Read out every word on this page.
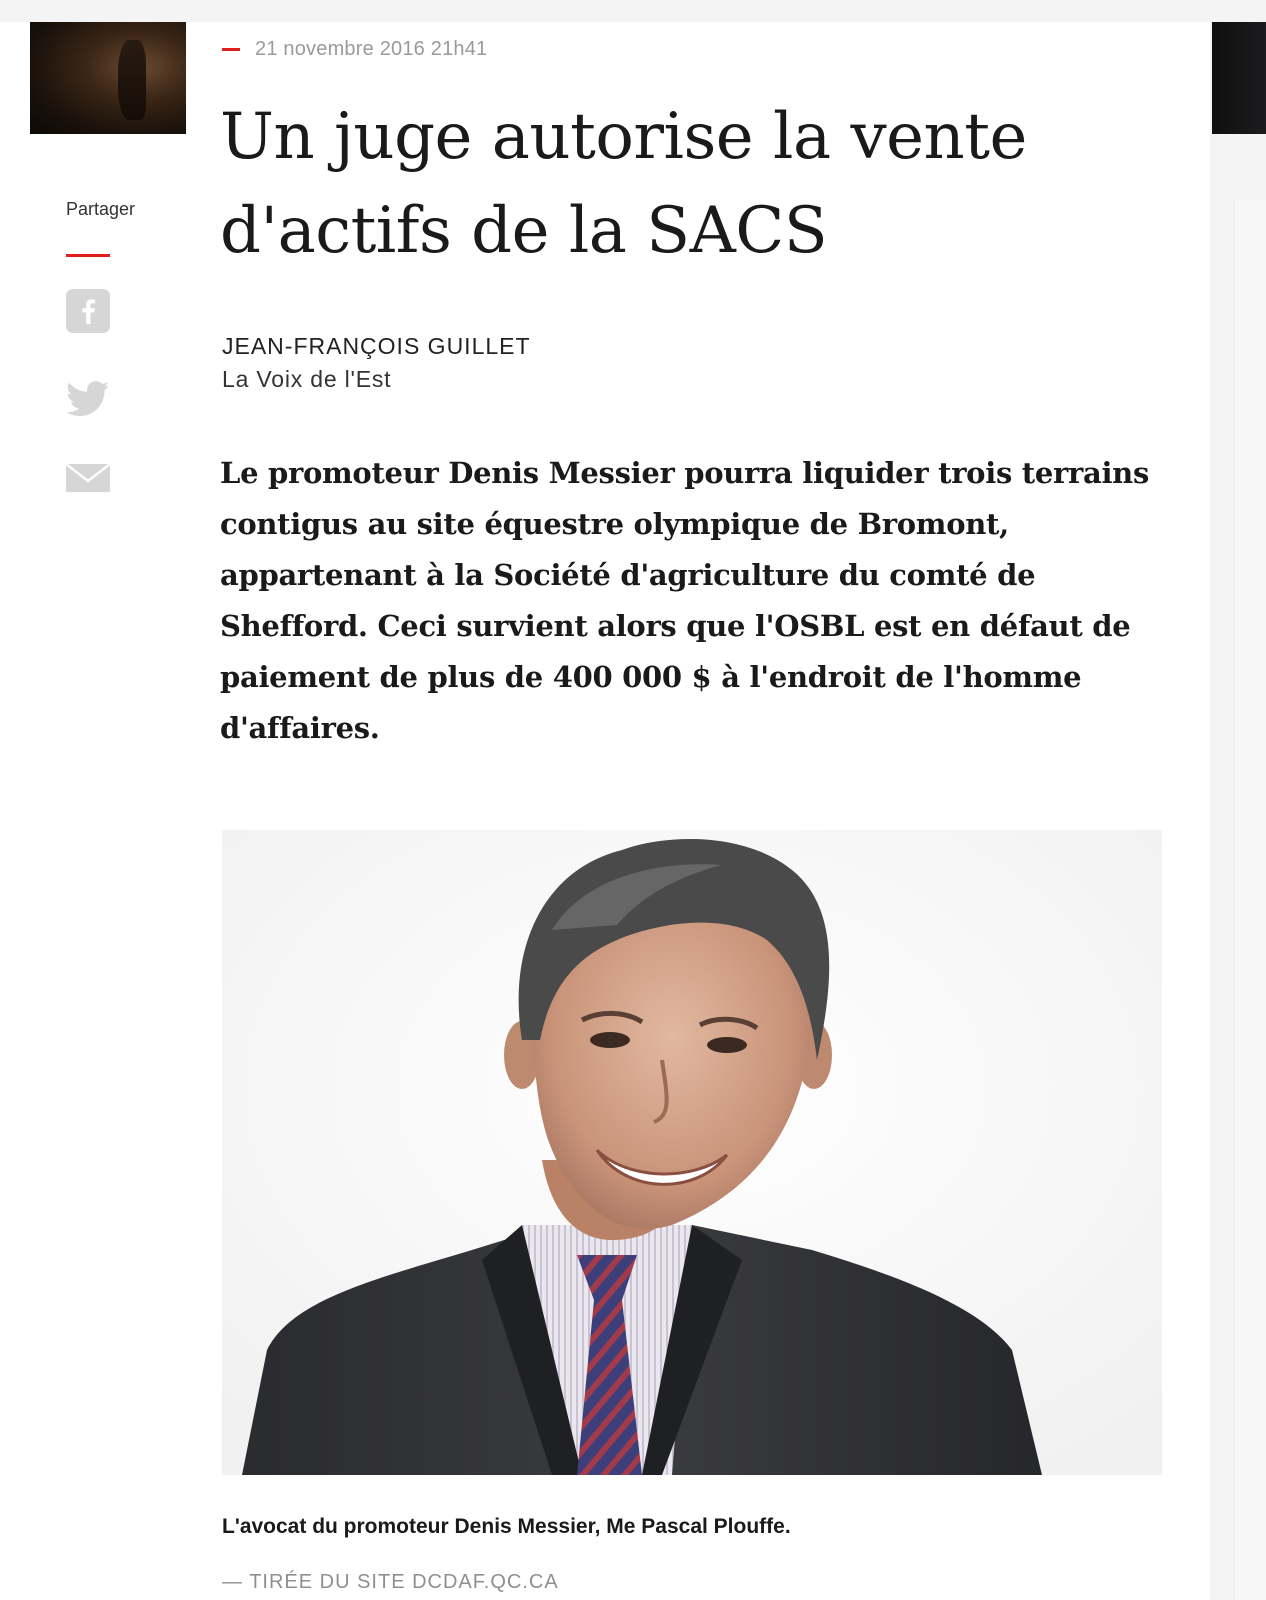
Partager
21 novembre 2016 21h41
Un juge autorise la vente
d'actifs de la SACS
JEAN-FRANÇOIS GUILLET
La Voix de l'Est

Le promoteur Denis Messier pourra liquider trois terrains contigus au site équestre olympique de Bromont, appartenant à la Société d'agriculture du comté de Shefford. Ceci survient alors que l'OSBL est en défaut de paiement de plus de 400 000 $ à l'endroit de l'homme d'affaires.

L'avocat du promoteur Denis Messier, Me Pascal Plouffe.
— TIRÉE DU SITE DCDAF.QC.CA
